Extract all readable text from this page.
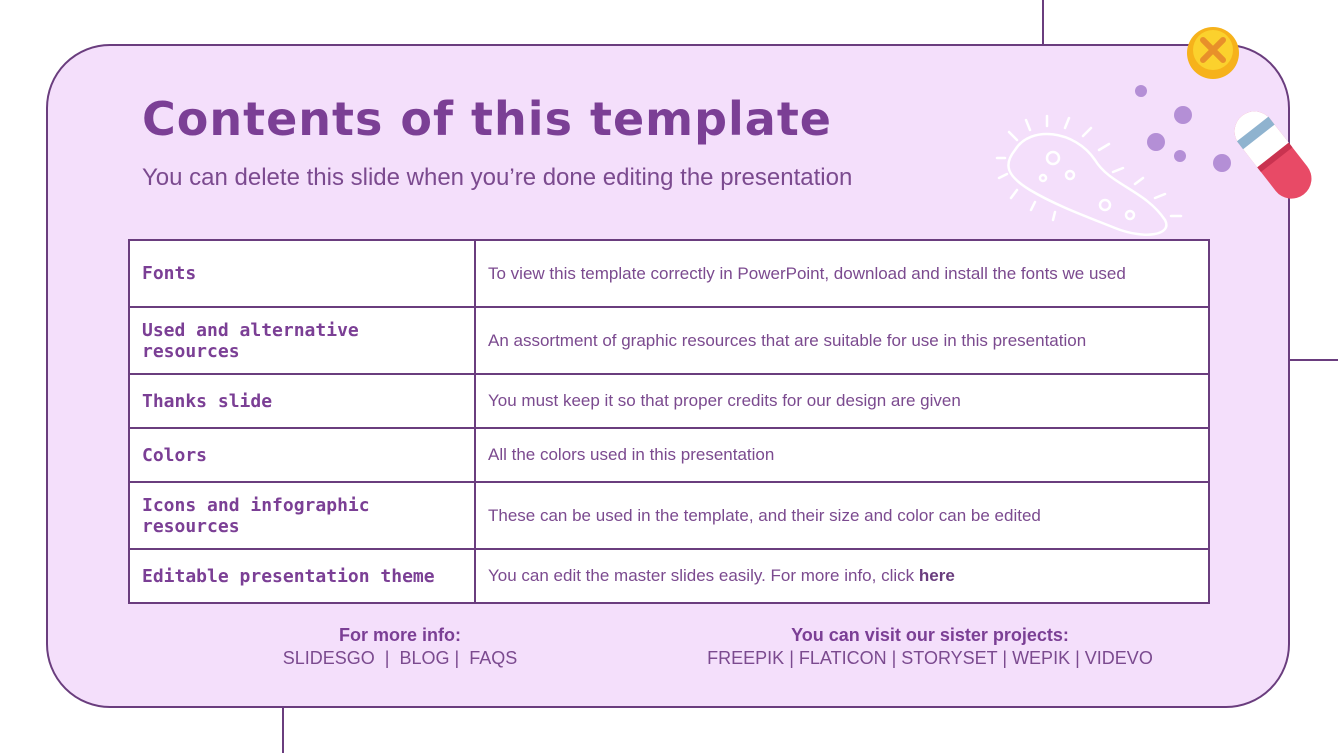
Contents of this template

You can delete this slide when you’re done editing the presentation

Fonts	To view this template correctly in PowerPoint, download and install the fonts we used
Used and alternative resources	An assortment of graphic resources that are suitable for use in this presentation
Thanks slide	You must keep it so that proper credits for our design are given
Colors	All the colors used in this presentation
Icons and infographic resources	These can be used in the template, and their size and color can be edited
Editable presentation theme	You can edit the master slides easily. For more info, click here
For more info:
SLIDESGO  |  BLOG |  FAQS
You can visit our sister projects:
FREEPIK | FLATICON | STORYSET | WEPIK | VIDEVO
